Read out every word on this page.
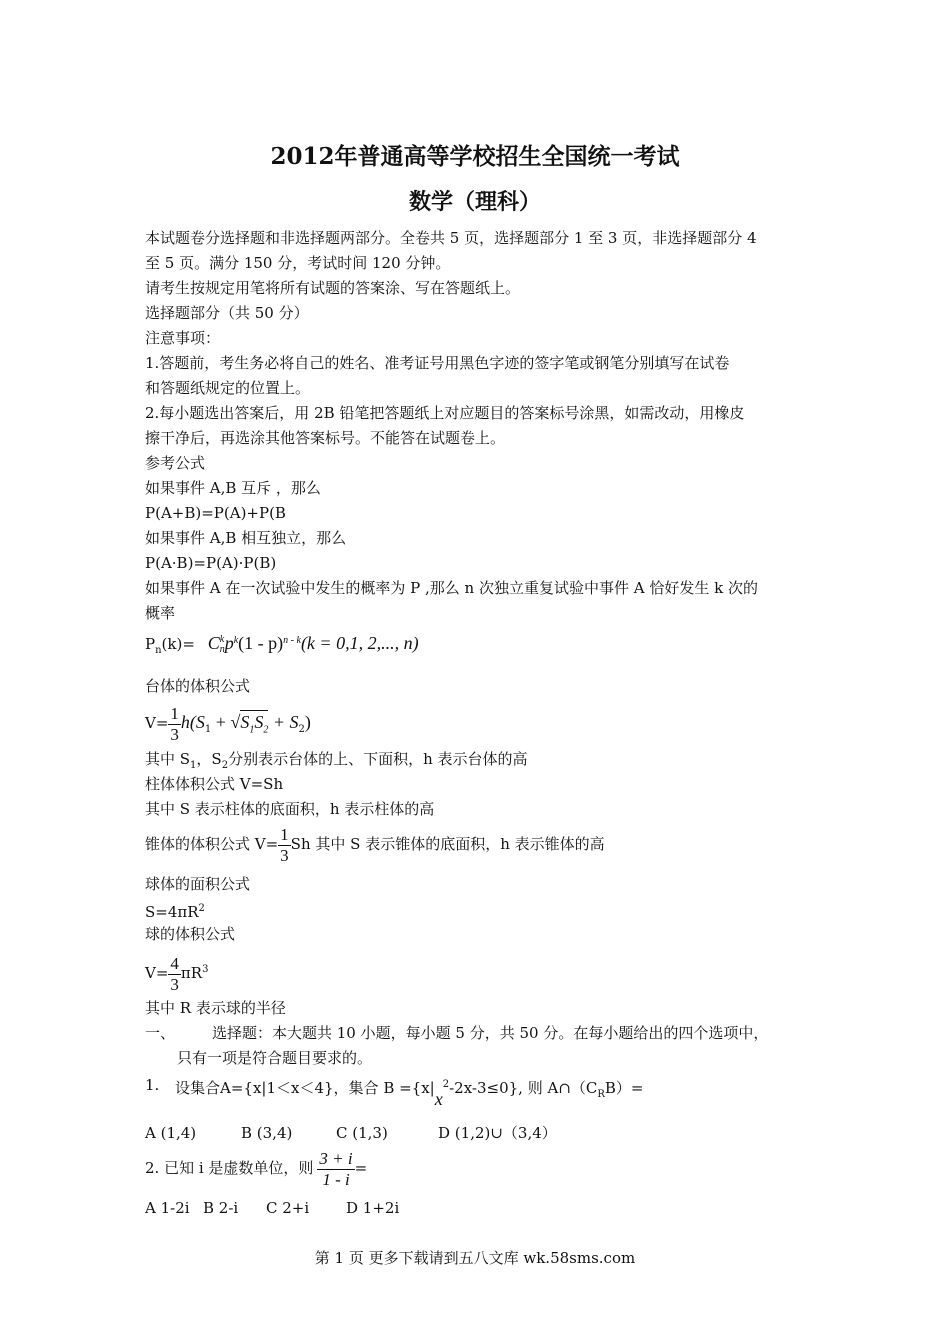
2012年普通高等学校招生全国统一考试
数学（理科）
本试题卷分选择题和非选择题两部分。全卷共 5 页，选择题部分 1 至 3 页，非选择题部分 4
至 5 页。满分 150 分，考试时间 120 分钟。
请考生按规定用笔将所有试题的答案涂、写在答题纸上。
选择题部分（共 50 分）
注意事项：
1.答题前，考生务必将自己的姓名、准考证号用黑色字迹的签字笔或钢笔分别填写在试卷
和答题纸规定的位置上。
2.每小题选出答案后，用 2B 铅笔把答题纸上对应题目的答案标号涂黑，如需改动，用橡皮
擦干净后，再选涂其他答案标号。不能答在试题卷上。
参考公式
如果事件 A,B 互斥 ，那么
P(A+B)=P(A)+P(B
如果事件 A,B 相互独立，那么
P(A·B)=P(A)·P(B)
如果事件 A 在一次试验中发生的概率为 P ,那么 n 次独立重复试验中事件 A 恰好发生 k 次的
概率
$P_n(k)= C$ k
n $p^k(1 - p)^{n - k}(k = 0,1$, 2,..., n)
台体的体积公式
$V= \frac{1}{3} h(S_1 + √S_1S_2 + S_2)$
其中 $S_1$，$S_2$分别表示台体的上、下面积，h 表示台体的高
柱体体积公式 V=Sh
其中 S 表示柱体的底面积，h 表示柱体的高
锥体的体积公式 $V= \frac{1}{3}$ Sh 其中 S 表示锥体的底面积，h 表示锥体的高
球体的面积公式
$S=4\pi R^2$
球的体积公式
$V= \frac{4}{3} \pi R^3$
其中 R 表示球的半径
一、 选择题：本大题共 10 小题，每小题 5 分，共 50 分。在每小题给出的四个选项中，
只有一项是符合题目要求的。
1. 设集合A={x|1＜x＜4}，集合 $B =\{x|x^2-2x-3\le 0\}$, 则 $A\cap(C_RB)=$
A (1,4)	B (3,4)	C (1,3)	D (1,2)∪（3,4）
2. 已知 i 是虚数单位，则 $\frac{3 + i}{1 - i}$ =
A 1-2i B 2-i C 2+i D 1+2i
第 1 页 更多下载请到五八文库 wk.58sms.com
